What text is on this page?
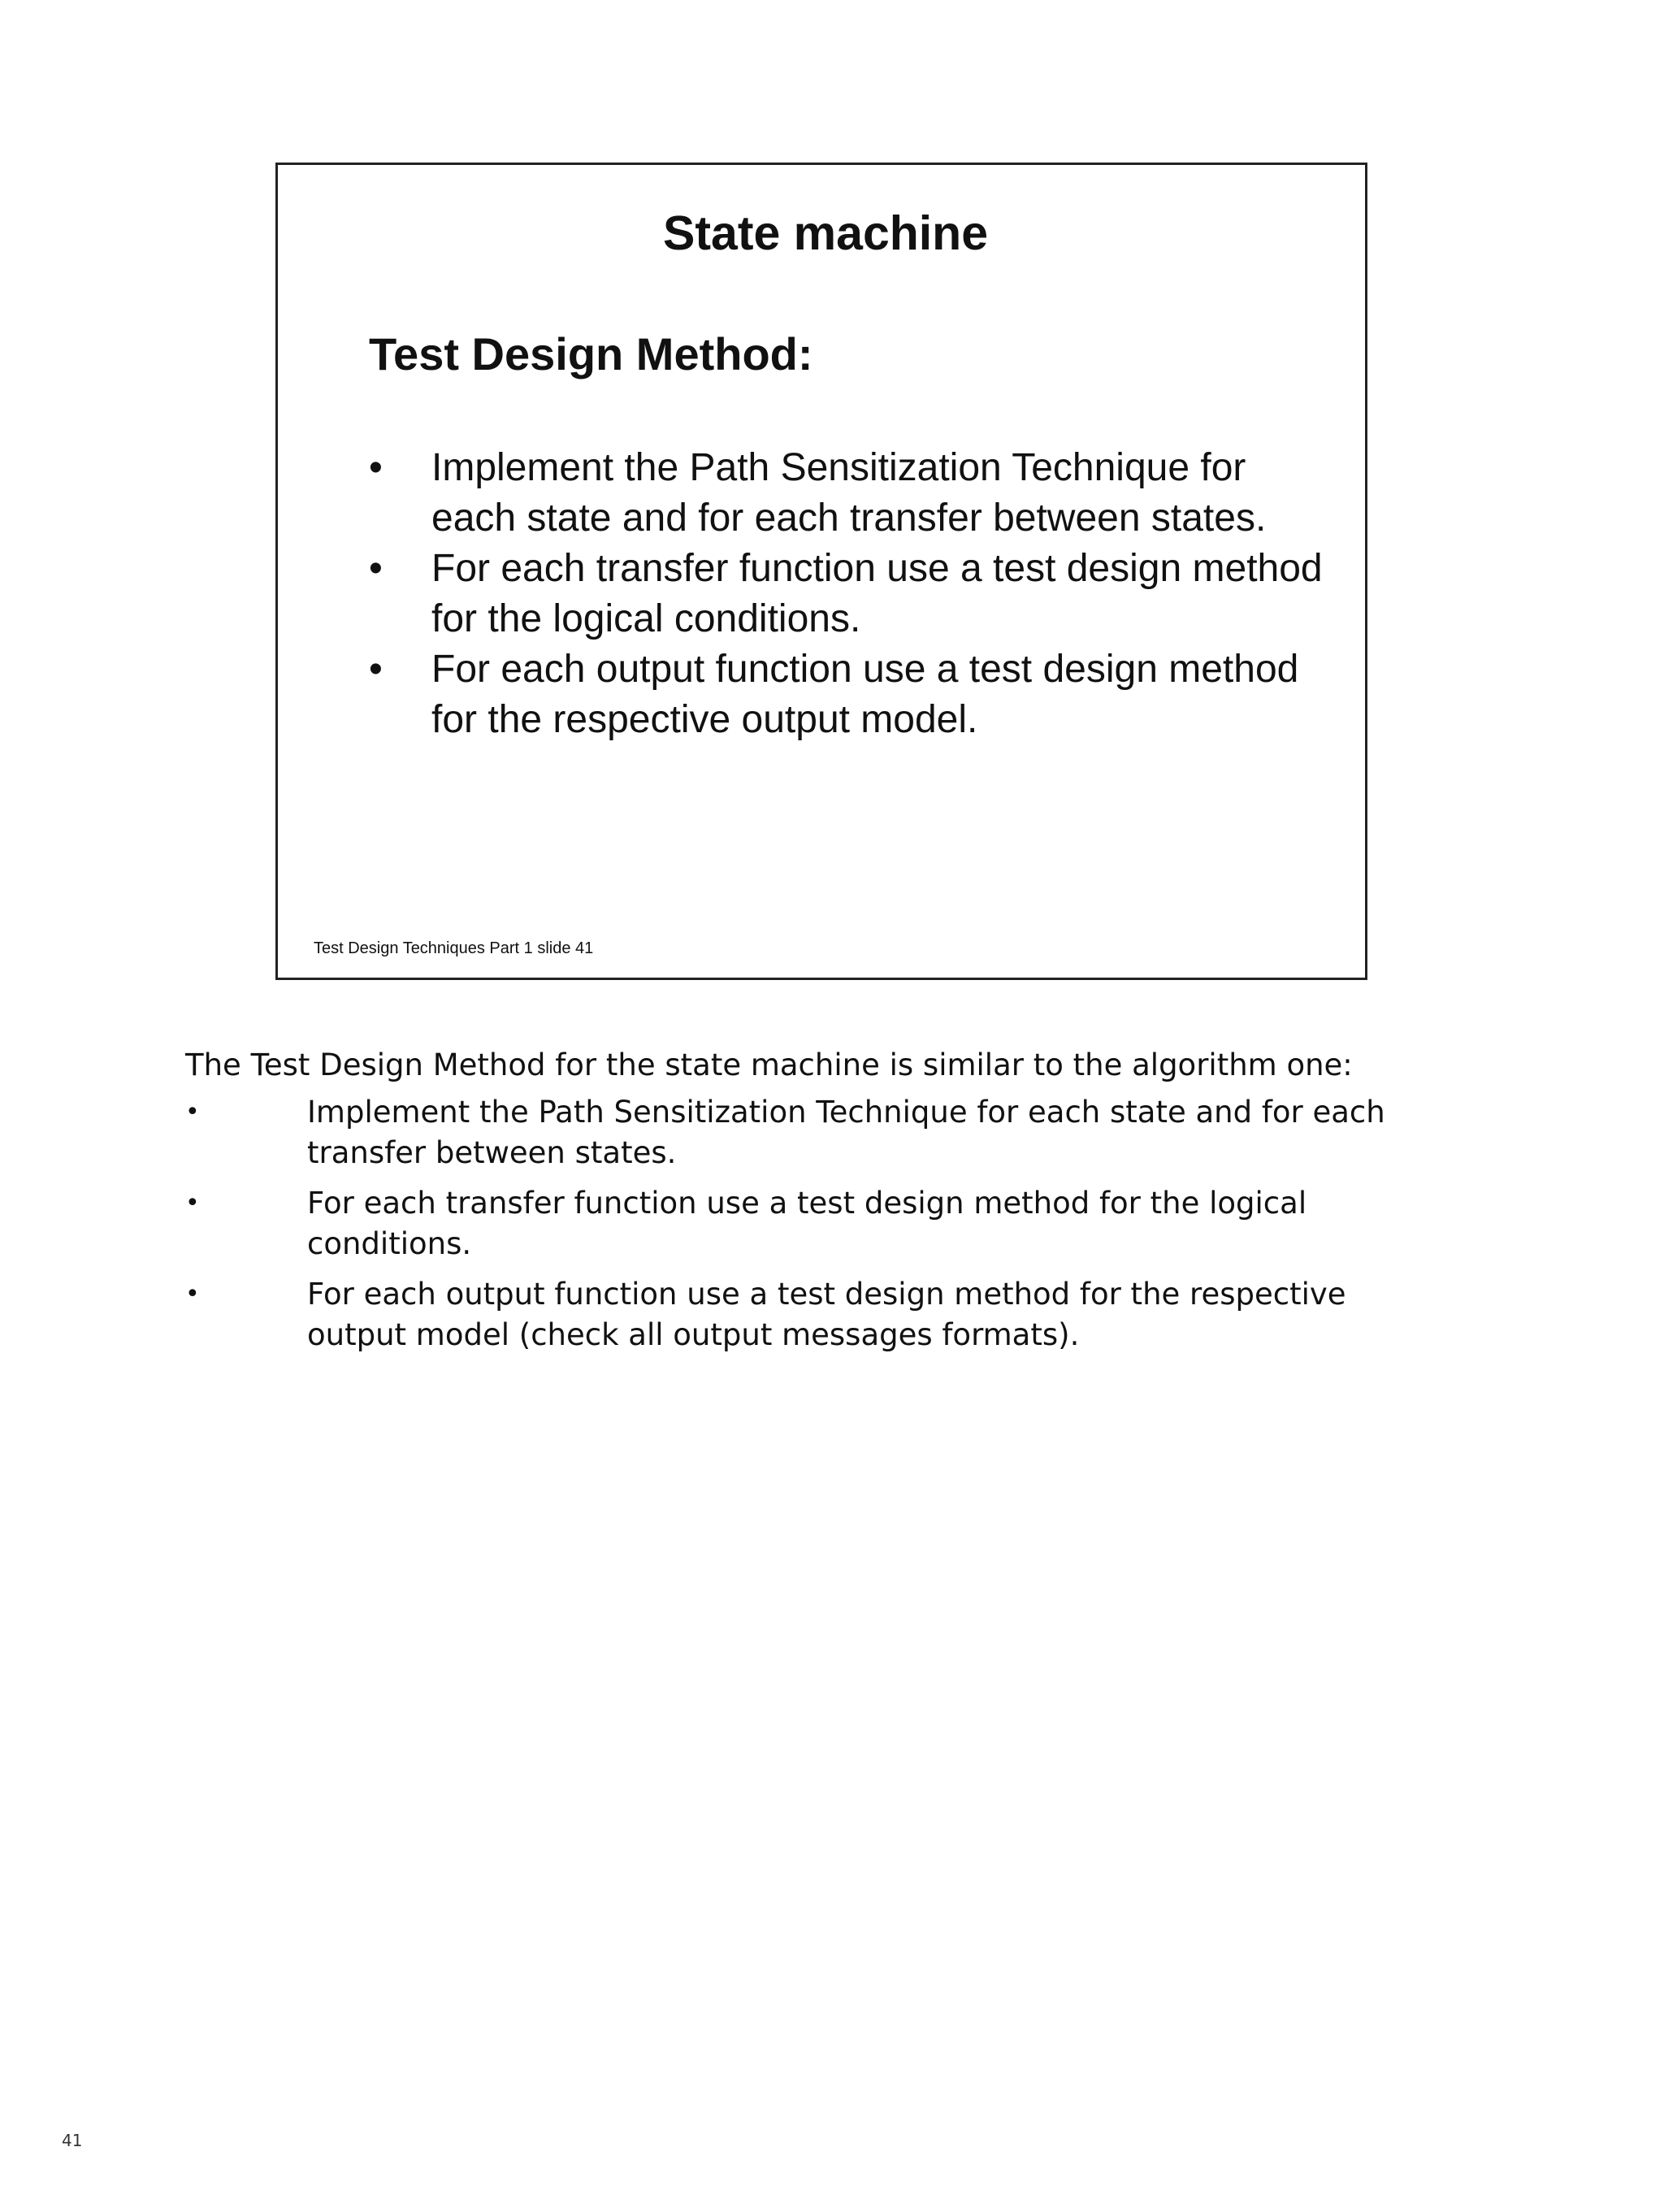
State machine
Test Design Method:
• Implement the Path Sensitization Technique for each state and for each transfer between states.
• For each transfer function use a test design method for the logical conditions.
• For each output function use a test design method for the respective output model.
Test Design Techniques Part 1 slide 41

The Test Design Method for the state machine is similar to the algorithm one:

•	Implement the Path Sensitization Technique for each state and for each transfer between states.
•	For each transfer function use a test design method for the logical conditions.
•	For each output function use a test design method for the respective output model (check all output messages formats).
41
